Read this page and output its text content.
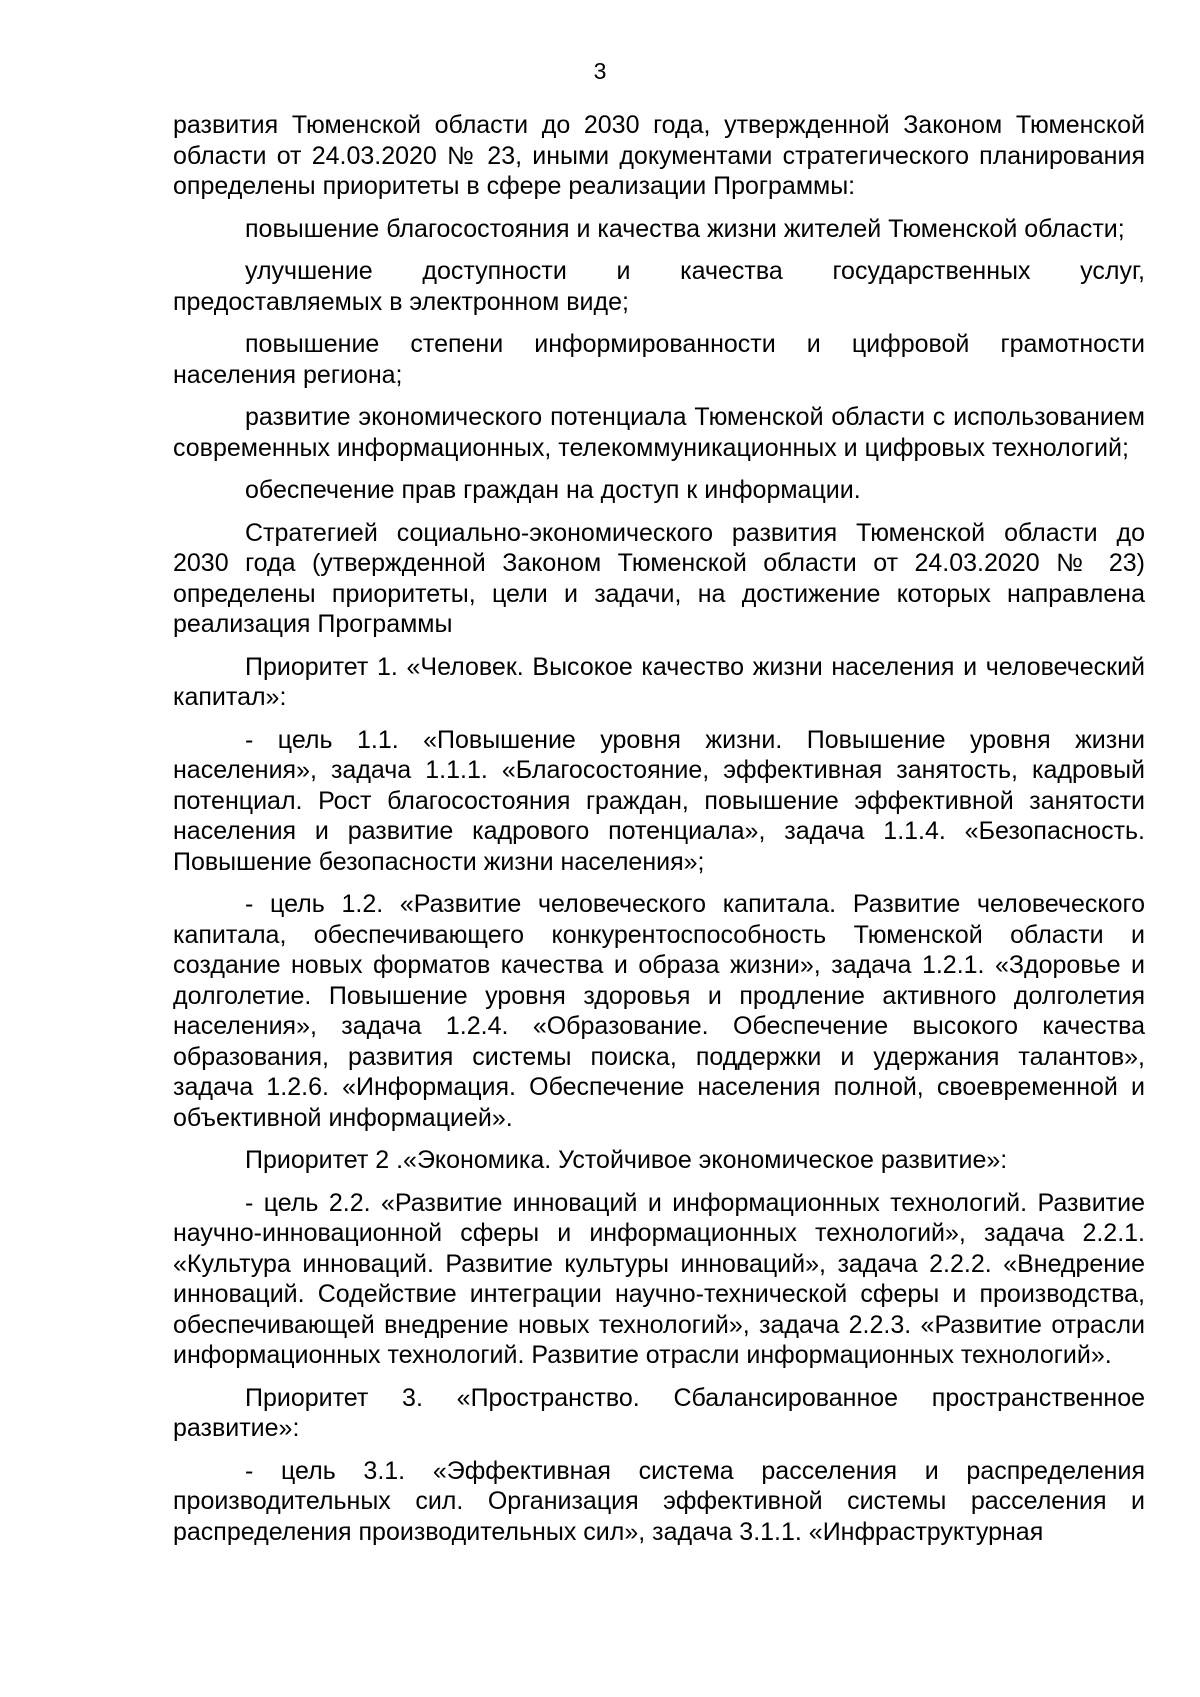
3

развития Тюменской области до 2030 года, утвержденной Законом Тюменской области от 24.03.2020 № 23, иными документами стратегического планирования определены приоритеты в сфере реализации Программы:

повышение благосостояния и качества жизни жителей Тюменской области;

улучшение доступности и качества государственных услуг, предоставляемых в электронном виде;

повышение степени информированности и цифровой грамотности населения региона;

развитие экономического потенциала Тюменской области с использованием современных информационных, телекоммуникационных и цифровых технологий;

обеспечение прав граждан на доступ к информации.

Стратегией социально-экономического развития Тюменской области до 2030 года (утвержденной Законом Тюменской области от 24.03.2020 № 23) определены приоритеты, цели и задачи, на достижение которых направлена реализация Программы

Приоритет 1. «Человек. Высокое качество жизни населения и человеческий капитал»:

- цель 1.1. «Повышение уровня жизни. Повышение уровня жизни населения», задача 1.1.1. «Благосостояние, эффективная занятость, кадровый потенциал. Рост благосостояния граждан, повышение эффективной занятости населения и развитие кадрового потенциала», задача 1.1.4. «Безопасность. Повышение безопасности жизни населения»;

- цель 1.2. «Развитие человеческого капитала. Развитие человеческого капитала, обеспечивающего конкурентоспособность Тюменской области и создание новых форматов качества и образа жизни», задача 1.2.1. «Здоровье и долголетие. Повышение уровня здоровья и продление активного долголетия населения», задача 1.2.4. «Образование. Обеспечение высокого качества образования, развития системы поиска, поддержки и удержания талантов», задача 1.2.6. «Информация. Обеспечение населения полной, своевременной и объективной информацией».

Приоритет 2 .«Экономика. Устойчивое экономическое развитие»:

- цель 2.2. «Развитие инноваций и информационных технологий. Развитие научно-инновационной сферы и информационных технологий», задача 2.2.1. «Культура инноваций. Развитие культуры инноваций», задача 2.2.2. «Внедрение инноваций. Содействие интеграции научно-технической сферы и производства, обеспечивающей внедрение новых технологий», задача 2.2.3. «Развитие отрасли информационных технологий. Развитие отрасли информационных технологий».

Приоритет 3. «Пространство. Сбалансированное пространственное развитие»:

- цель 3.1. «Эффективная система расселения и распределения производительных сил. Организация эффективной системы расселения и распределения производительных сил», задача 3.1.1. «Инфраструктурная
